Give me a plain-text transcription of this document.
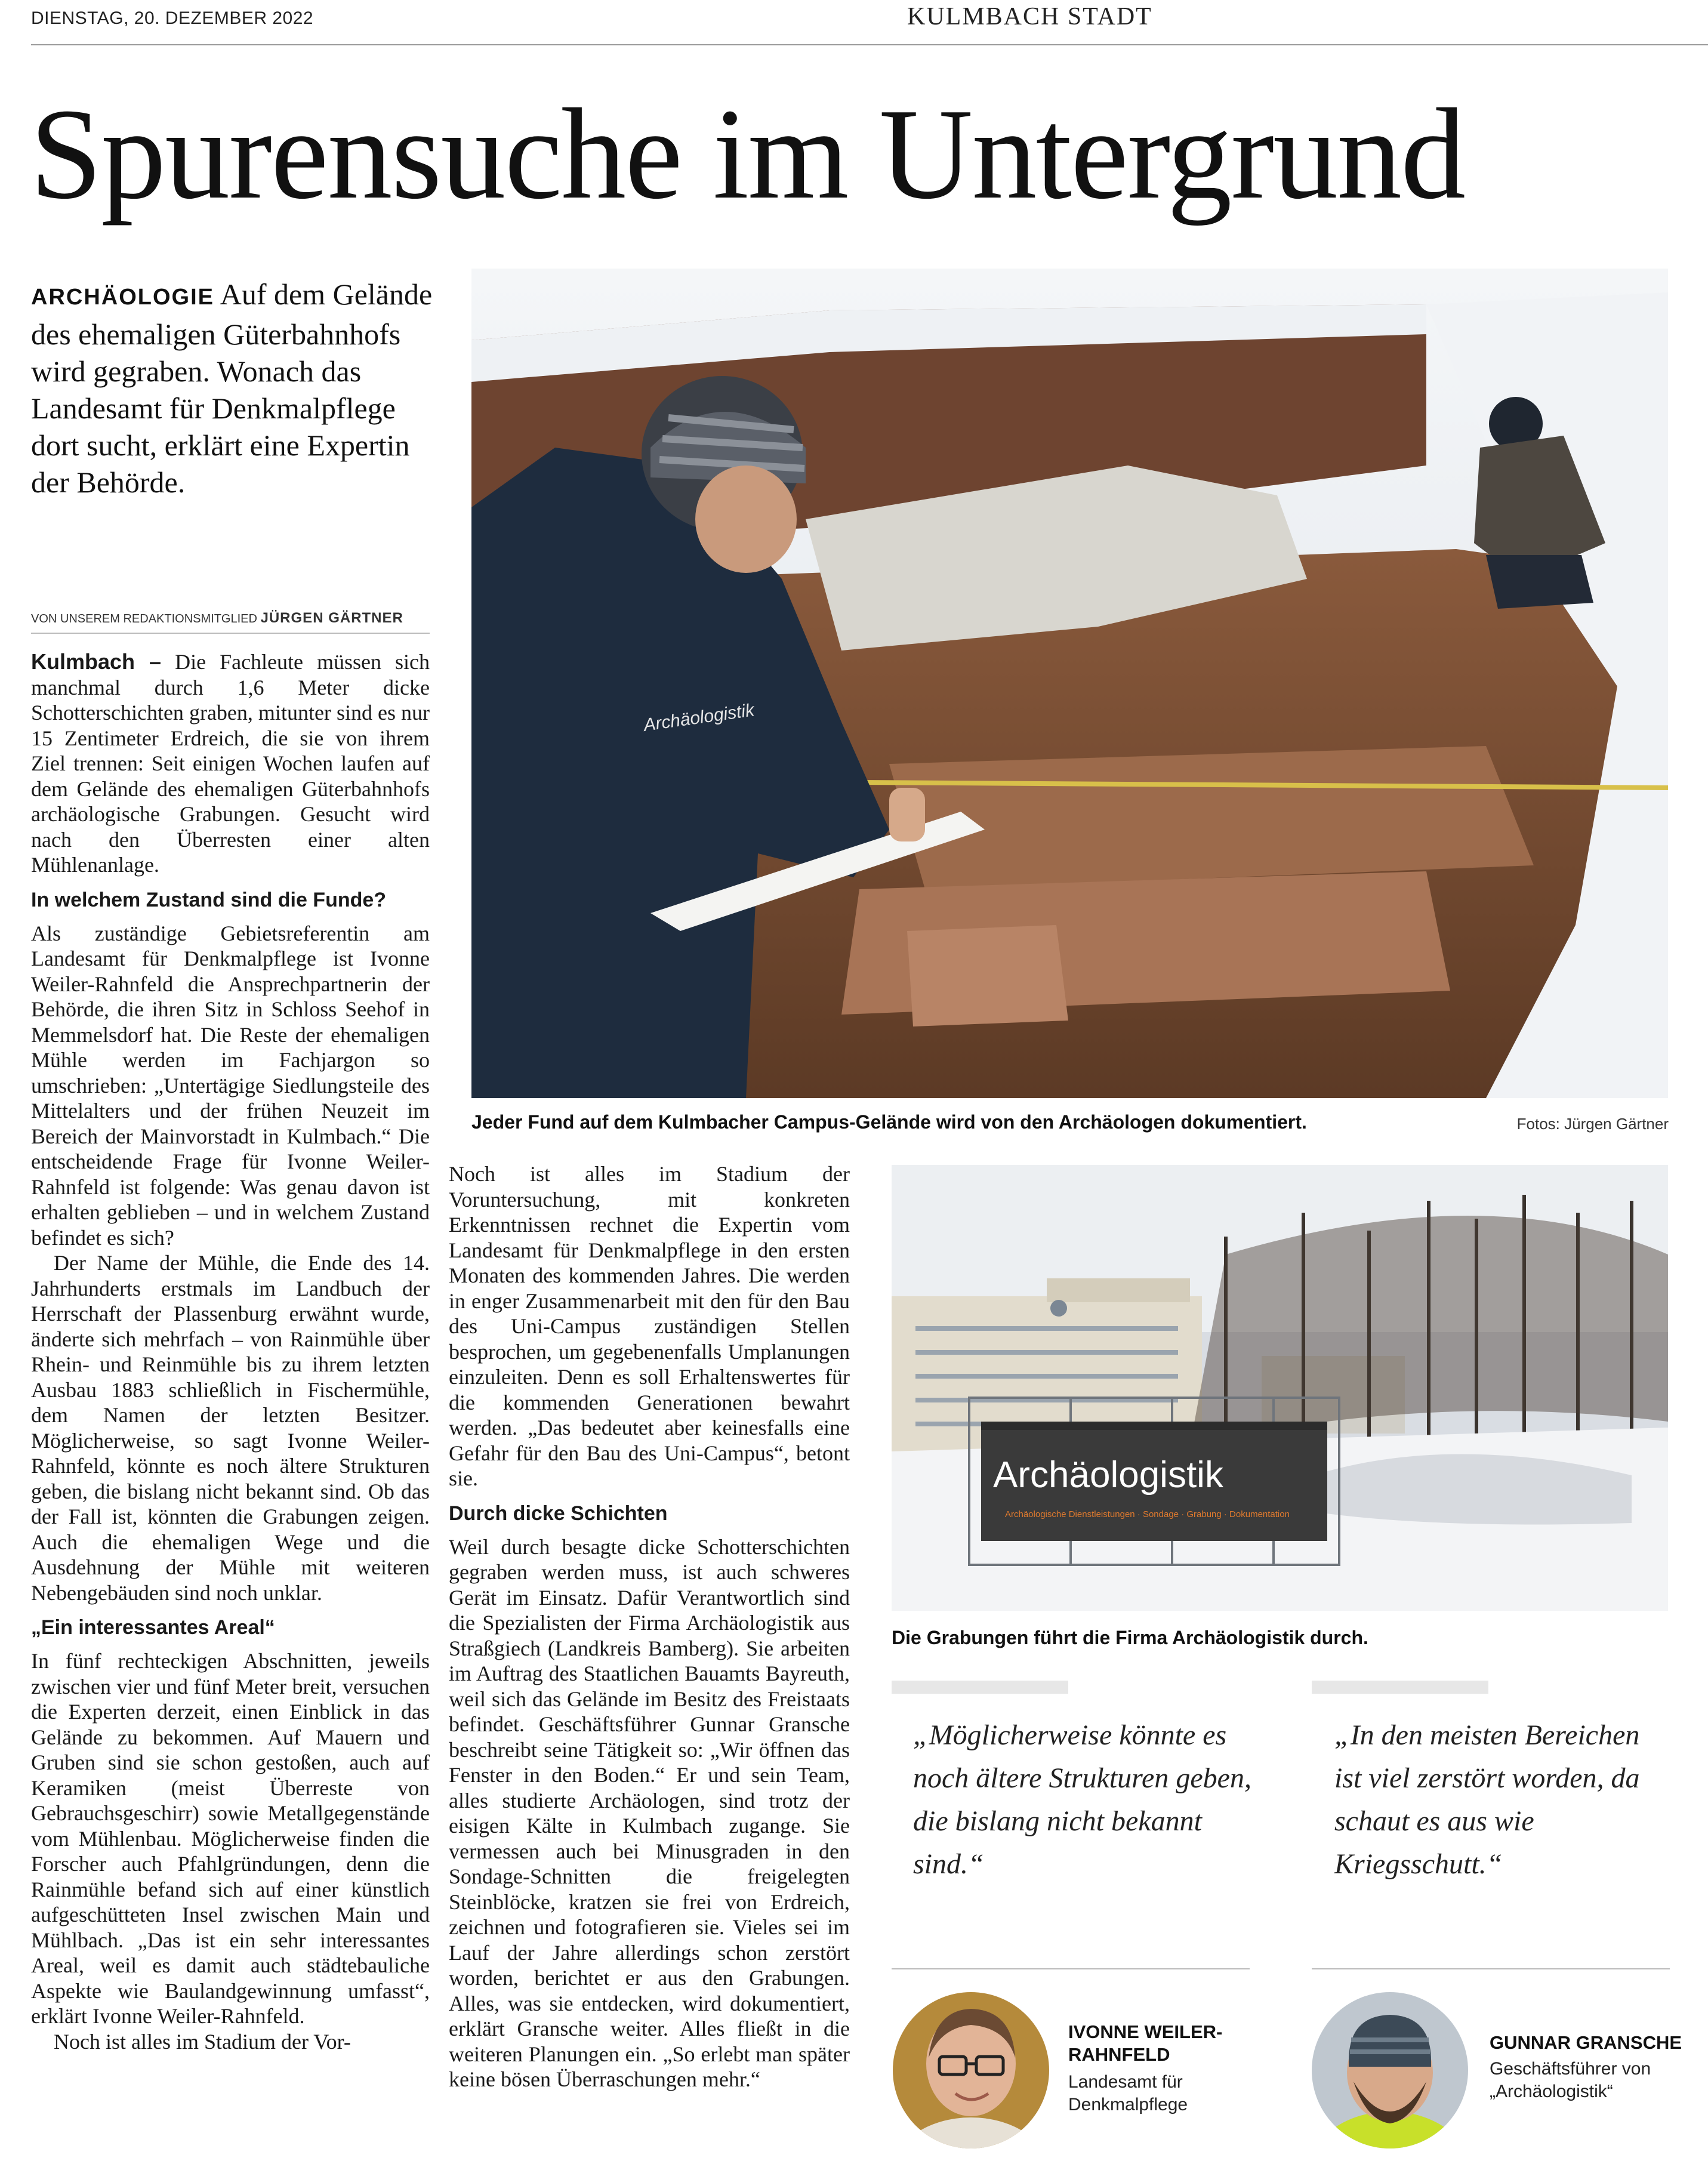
DIENSTAG, 20. DEZEMBER 2022	KULMBACH STADT
Spurensuche im Untergrund
ARCHÄOLOGIE Auf dem Gelände des ehemaligen Güterbahnhofs wird gegraben. Wonach das Landesamt für Denkmalpflege dort sucht, erklärt eine Expertin der Behörde.
VON UNSEREM REDAKTIONSMITGLIED JÜRGEN GÄRTNER

Kulmbach – Die Fachleute müssen sich manchmal durch 1,6 Meter dicke Schotterschichten graben, mitunter sind es nur 15 Zentimeter Erdreich, die sie von ihrem Ziel trennen: Seit einigen Wochen laufen auf dem Gelände des ehemaligen Güterbahnhofs archäologische Grabungen. Gesucht wird nach den Überresten einer alten Mühlenanlage.

In welchem Zustand sind die Funde?

Als zuständige Gebietsreferentin am Landesamt für Denkmalpflege ist Ivonne Weiler-Rahnfeld die Ansprechpartnerin der Behörde, die ihren Sitz in Schloss Seehof in Memmelsdorf hat. Die Reste der ehemaligen Mühle werden im Fachjargon so umschrieben: „Untertägige Siedlungsteile des Mittelalters und der frühen Neuzeit im Bereich der Mainvorstadt in Kulmbach.“ Die entscheidende Frage für Ivonne Weiler-Rahnfeld ist folgende: Was genau davon ist erhalten geblieben – und in welchem Zustand befindet es sich?

Der Name der Mühle, die Ende des 14. Jahrhunderts erstmals im Landbuch der Herrschaft der Plassenburg erwähnt wurde, änderte sich mehrfach – von Rainmühle über Rhein- und Reinmühle bis zu ihrem letzten Ausbau 1883 schließlich in Fischermühle, dem Namen der letzten Besitzer. Möglicherweise, so sagt Ivonne Weiler-Rahnfeld, könnte es noch ältere Strukturen geben, die bislang nicht bekannt sind. Ob das der Fall ist, könnten die Grabungen zeigen. Auch die ehemaligen Wege und die Ausdehnung der Mühle mit weiteren Nebengebäuden sind noch unklar.

„Ein interessantes Areal“

In fünf rechteckigen Abschnitten, jeweils zwischen vier und fünf Meter breit, versuchen die Experten derzeit, einen Einblick in das Gelände zu bekommen. Auf Mauern und Gruben sind sie schon gestoßen, auch auf Keramiken (meist Überreste von Gebrauchsgeschirr) sowie Metallgegenstände vom Mühlenbau. Möglicherweise finden die Forscher auch Pfahlgründungen, denn die Rainmühle befand sich auf einer künstlich aufgeschütteten Insel zwischen Main und Mühlbach. „Das ist ein sehr interessantes Areal, weil es damit auch städtebauliche Aspekte wie Baulandgewinnung umfasst“, erklärt Ivonne Weiler-Rahnfeld.

Noch ist alles im Stadium der Vor-

Noch ist alles im Stadium der Voruntersuchung, mit konkreten Erkenntnissen rechnet die Expertin vom Landesamt für Denkmalpflege in den ersten Monaten des kommenden Jahres. Die werden in enger Zusammenarbeit mit den für den Bau des Uni-Campus zuständigen Stellen besprochen, um gegebenenfalls Umplanungen einzuleiten. Denn es soll Erhaltenswertes für die kommenden Generationen bewahrt werden. „Das bedeutet aber keinesfalls eine Gefahr für den Bau des Uni-Campus“, betont sie.

Durch dicke Schichten

Weil durch besagte dicke Schotterschichten gegraben werden muss, ist auch schweres Gerät im Einsatz. Dafür Verantwortlich sind die Spezialisten der Firma Archäologistik aus Straßgiech (Landkreis Bamberg). Sie arbeiten im Auftrag des Staatlichen Bauamts Bayreuth, weil sich das Gelände im Besitz des Freistaats befindet. Geschäftsführer Gunnar Gransche beschreibt seine Tätigkeit so: „Wir öffnen das Fenster in den Boden.“ Er und sein Team, alles studierte Archäologen, sind trotz der eisigen Kälte in Kulmbach zugange. Sie vermessen auch bei Minusgraden in den Sondage-Schnitten die freigelegten Steinblöcke, kratzen sie frei von Erdreich, zeichnen und fotografieren sie. Vieles sei im Lauf der Jahre allerdings schon zerstört worden, berichtet er aus den Grabungen. Alles, was sie entdecken, wird dokumentiert, erklärt Gransche weiter. Alles fließt in die weiteren Planungen ein. „So erlebt man später keine bösen Überraschungen mehr.“

Archäologistik
Jeder Fund auf dem Kulmbacher Campus-Gelände wird von den Archäologen dokumentiert.	Fotos: Jürgen Gärtner
Archäologistik
Archäologische Dienstleistungen · Sondage · Grabung · Dokumentation
Die Grabungen führt die Firma Archäologistik durch.
„Möglicherweise könnte es noch ältere Strukturen geben, die bislang nicht bekannt sind.“
„In den meisten Bereichen ist viel zerstört worden, da schaut es aus wie Kriegsschutt.“
IVONNE WEILER-RAHNFELD
Landesamt für Denkmalpflege
GUNNAR GRANSCHE
Geschäftsführer von „Archäologistik“
